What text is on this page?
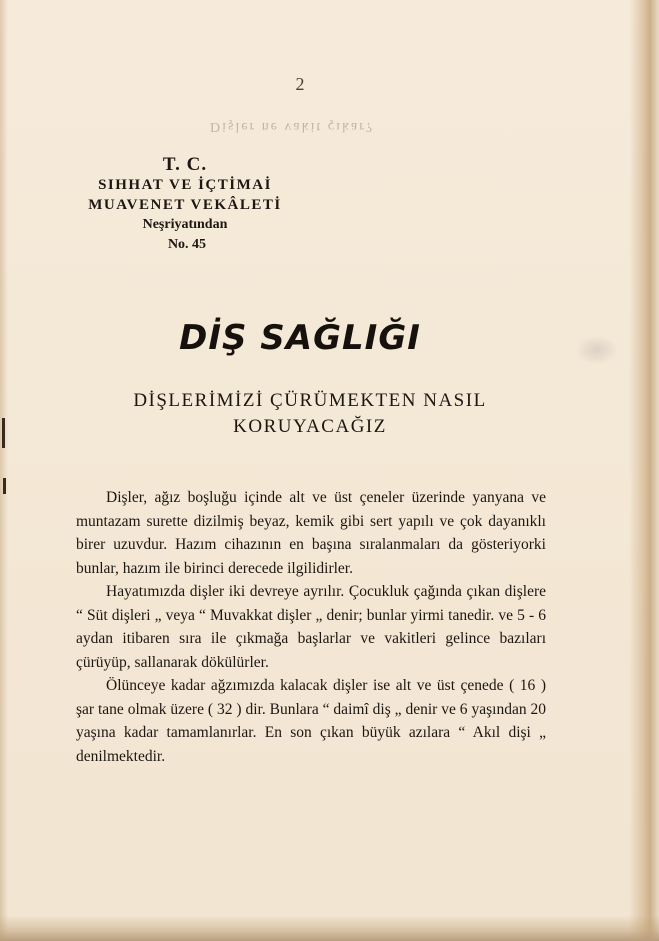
2
Dişler ne vakit çıkar?
T. C.
SIHHAT VE İÇTİMAİ
MUAVENET VEKÂLETİ
Neşriyatından
No. 45
DİŞ SAĞLIĞI
DİŞLERİMİZİ ÇÜRÜMEKTEN NASIL
KORUYACAĞIZ

Dişler, ağız boşluğu içinde alt ve üst çeneler üzerinde yanyana ve muntazam surette dizilmiş beyaz, kemik gibi sert yapılı ve çok dayanıklı birer uzuvdur. Hazım cihazının en başına sıralanmaları da gösteriyorki bunlar, hazım ile birinci derecede ilgilidirler.

Hayatımızda dişler iki devreye ayrılır. Çocukluk çağında çıkan dişlere “ Süt dişleri „ veya “ Muvakkat dişler „ denir; bunlar yirmi tanedir. ve 5 - 6 aydan itibaren sıra ile çıkmağa başlarlar ve vakitleri gelince bazıları çürüyüp, sallanarak dökülürler.

Ölünceye kadar ağzımızda kalacak dişler ise alt ve üst çenede ( 16 ) şar tane olmak üzere ( 32 ) dir. Bunlara “ daimî diş „ denir ve 6 yaşından 20 yaşına kadar tamamlanırlar. En son çıkan büyük azılara “ Akıl dişi „ denilmektedir.
